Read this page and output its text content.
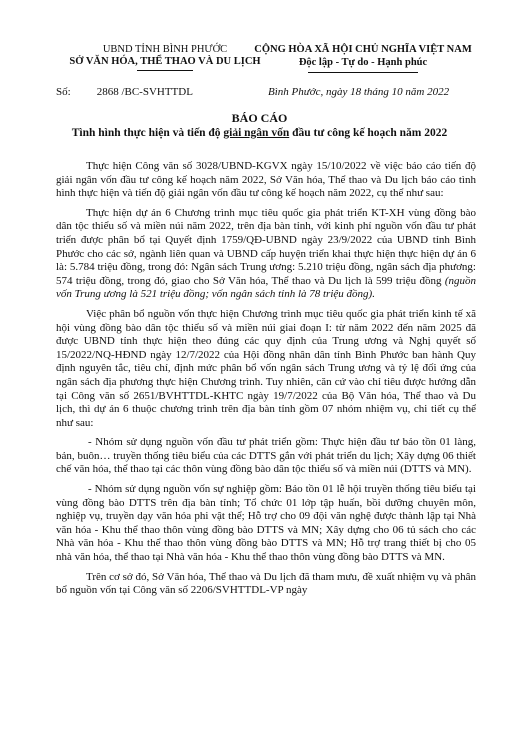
UBND TỈNH BÌNH PHƯỚC
SỞ VĂN HÓA, THỂ THAO VÀ DU LỊCH
CỘNG HÒA XÃ HỘI CHỦ NGHĨA VIỆT NAM
Độc lập - Tự do - Hạnh phúc
Số: 2868 /BC-SVHTTDL	Bình Phước, ngày 18 tháng 10 năm 2022
BÁO CÁO
Tình hình thực hiện và tiến độ giải ngân vốn đầu tư công kế hoạch năm 2022

Thực hiện Công văn số 3028/UBND-KGVX ngày 15/10/2022 về việc báo cáo tiến độ giải ngân vốn đầu tư công kế hoạch năm 2022, Sở Văn hóa, Thể thao và Du lịch báo cáo tình hình thực hiện và tiến độ giải ngân vốn đầu tư công kế hoạch năm 2022, cụ thể như sau:

Thực hiện dự án 6 Chương trình mục tiêu quốc gia phát triển KT-XH vùng đồng bào dân tộc thiểu số và miền núi năm 2022, trên địa bàn tỉnh, với kinh phí nguồn vốn đầu tư phát triển được phân bổ tại Quyết định 1759/QĐ-UBND ngày 23/9/2022 của UBND tỉnh Bình Phước cho các sở, ngành liên quan và UBND cấp huyện triển khai thực hiện thực hiện dự án 6 là: 5.784 triệu đồng, trong đó: Ngân sách Trung ương: 5.210 triệu đồng, ngân sách địa phương: 574 triệu đồng, trong đó, giao cho Sở Văn hóa, Thể thao và Du lịch là 599 triệu đồng (nguồn vốn Trung ương là 521 triệu đồng; vốn ngân sách tỉnh là 78 triệu đồng).

Việc phân bổ nguồn vốn thực hiện Chương trình mục tiêu quốc gia phát triển kinh tế xã hội vùng đồng bào dân tộc thiểu số và miền núi giai đoạn I: từ năm 2022 đến năm 2025 đã được UBND tỉnh thực hiện theo đúng các quy định của Trung ương và Nghị quyết số 15/2022/NQ-HĐND ngày 12/7/2022 của Hội đồng nhân dân tỉnh Bình Phước ban hành Quy định nguyên tắc, tiêu chí, định mức phân bổ vốn ngân sách Trung ương và tỷ lệ đối ứng của ngân sách địa phương thực hiện Chương trình. Tuy nhiên, căn cứ vào chỉ tiêu được hướng dẫn tại Công văn số 2651/BVHTTDL-KHTC ngày 19/7/2022 của Bộ Văn hóa, Thể thao và Du lịch, thì dự án 6 thuộc chương trình trên địa bàn tỉnh gồm 07 nhóm nhiệm vụ, chi tiết cụ thể như sau:

- Nhóm sử dụng nguồn vốn đầu tư phát triển gồm: Thực hiện đầu tư bảo tồn 01 làng, bản, buôn… truyền thống tiêu biểu của các DTTS gắn với phát triển du lịch; Xây dựng 06 thiết chế văn hóa, thể thao tại các thôn vùng đồng bào dân tộc thiểu số và miền núi (DTTS và MN).

- Nhóm sử dụng nguồn vốn sự nghiệp gồm: Bảo tồn 01 lễ hội truyền thống tiêu biểu tại vùng đồng bào DTTS trên địa bàn tỉnh; Tổ chức 01 lớp tập huấn, bồi dưỡng chuyên môn, nghiệp vụ, truyền dạy văn hóa phi vật thể; Hỗ trợ cho 09 đội văn nghệ được thành lập tại Nhà văn hóa - Khu thể thao thôn vùng đồng bào DTTS và MN; Xây dựng cho 06 tủ sách cho các Nhà văn hóa - Khu thể thao thôn vùng đồng bào DTTS và MN; Hỗ trợ trang thiết bị cho 05 nhà văn hóa, thể thao tại Nhà văn hóa - Khu thể thao thôn vùng đồng bào DTTS và MN.

Trên cơ sở đó, Sở Văn hóa, Thể thao và Du lịch đã tham mưu, đề xuất nhiệm vụ và phân bổ nguồn vốn tại Công văn số 2206/SVHTTDL-VP ngày
